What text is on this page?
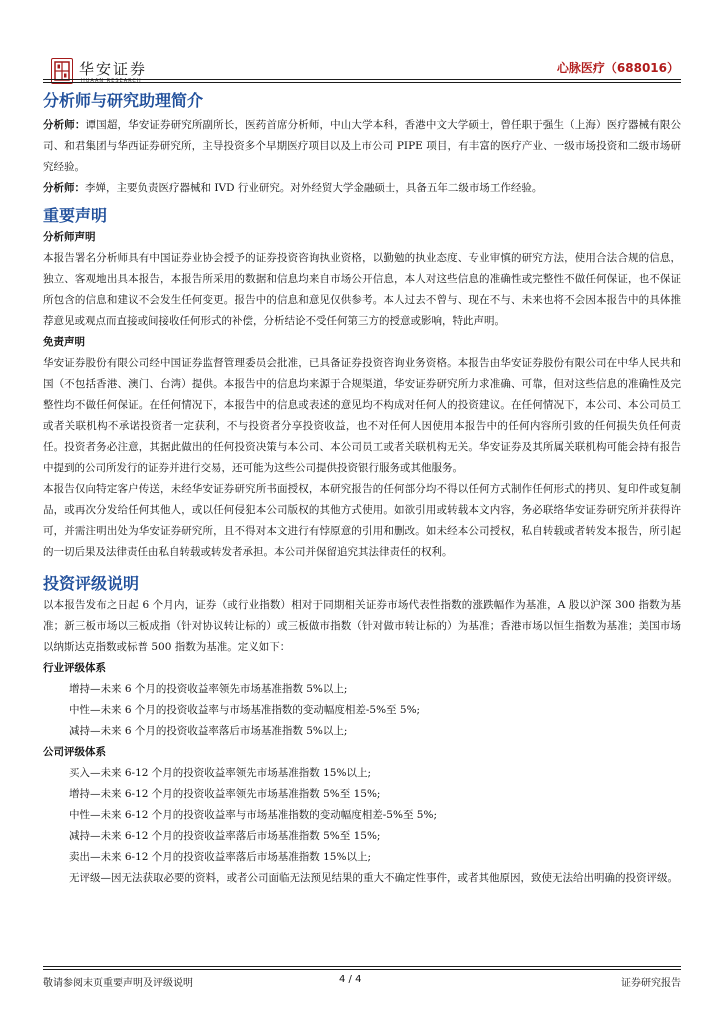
华安证券
HUAAN RESEARCH
心脉医疗（688016）
分析师与研究助理简介

分析师：谭国超，华安证券研究所副所长，医药首席分析师，中山大学本科，香港中文大学硕士，曾任职于强生（上海）医疗器械有限公司、和君集团与华西证券研究所，主导投资多个早期医疗项目以及上市公司 PIPE 项目，有丰富的医疗产业、一级市场投资和二级市场研究经验。

分析师：李婵，主要负责医疗器械和 IVD 行业研究。对外经贸大学金融硕士，具备五年二级市场工作经验。

重要声明
分析师声明

本报告署名分析师具有中国证券业协会授予的证券投资咨询执业资格，以勤勉的执业态度、专业审慎的研究方法，使用合法合规的信息，独立、客观地出具本报告，本报告所采用的数据和信息均来自市场公开信息，本人对这些信息的准确性或完整性不做任何保证，也不保证所包含的信息和建议不会发生任何变更。报告中的信息和意见仅供参考。本人过去不曾与、现在不与、未来也将不会因本报告中的具体推荐意见或观点而直接或间接收任何形式的补偿，分析结论不受任何第三方的授意或影响，特此声明。

免责声明

华安证券股份有限公司经中国证券监督管理委员会批准，已具备证券投资咨询业务资格。本报告由华安证券股份有限公司在中华人民共和国（不包括香港、澳门、台湾）提供。本报告中的信息均来源于合规渠道，华安证券研究所力求准确、可靠，但对这些信息的准确性及完整性均不做任何保证。在任何情况下，本报告中的信息或表述的意见均不构成对任何人的投资建议。在任何情况下，本公司、本公司员工或者关联机构不承诺投资者一定获利，不与投资者分享投资收益，也不对任何人因使用本报告中的任何内容所引致的任何损失负任何责任。投资者务必注意，其据此做出的任何投资决策与本公司、本公司员工或者关联机构无关。华安证券及其所属关联机构可能会持有报告中提到的公司所发行的证券并进行交易，还可能为这些公司提供投资银行服务或其他服务。

本报告仅向特定客户传送，未经华安证券研究所书面授权，本研究报告的任何部分均不得以任何方式制作任何形式的拷贝、复印件或复制品，或再次分发给任何其他人，或以任何侵犯本公司版权的其他方式使用。如欲引用或转载本文内容，务必联络华安证券研究所并获得许可，并需注明出处为华安证券研究所，且不得对本文进行有悖原意的引用和删改。如未经本公司授权，私自转载或者转发本报告，所引起的一切后果及法律责任由私自转载或转发者承担。本公司并保留追究其法律责任的权利。

投资评级说明

以本报告发布之日起 6 个月内，证券（或行业指数）相对于同期相关证券市场代表性指数的涨跌幅作为基准，A 股以沪深 300 指数为基准；新三板市场以三板成指（针对协议转让标的）或三板做市指数（针对做市转让标的）为基准；香港市场以恒生指数为基准；美国市场以纳斯达克指数或标普 500 指数为基准。定义如下：

行业评级体系
增持—未来 6 个月的投资收益率领先市场基准指数 5%以上;
中性—未来 6 个月的投资收益率与市场基准指数的变动幅度相差-5%至 5%;
减持—未来 6 个月的投资收益率落后市场基准指数 5%以上;
公司评级体系
买入—未来 6-12 个月的投资收益率领先市场基准指数 15%以上;
增持—未来 6-12 个月的投资收益率领先市场基准指数 5%至 15%;
中性—未来 6-12 个月的投资收益率与市场基准指数的变动幅度相差-5%至 5%;
减持—未来 6-12 个月的投资收益率落后市场基准指数 5%至 15%;
卖出—未来 6-12 个月的投资收益率落后市场基准指数 15%以上;
无评级— 因无法获取必要的资料，或者公司面临无法预见结果的重大不确定性事件，或者其他原因，致使无法给出明确的投资评级。
敬请参阅末页重要声明及评级说明	4 / 4	证券研究报告
